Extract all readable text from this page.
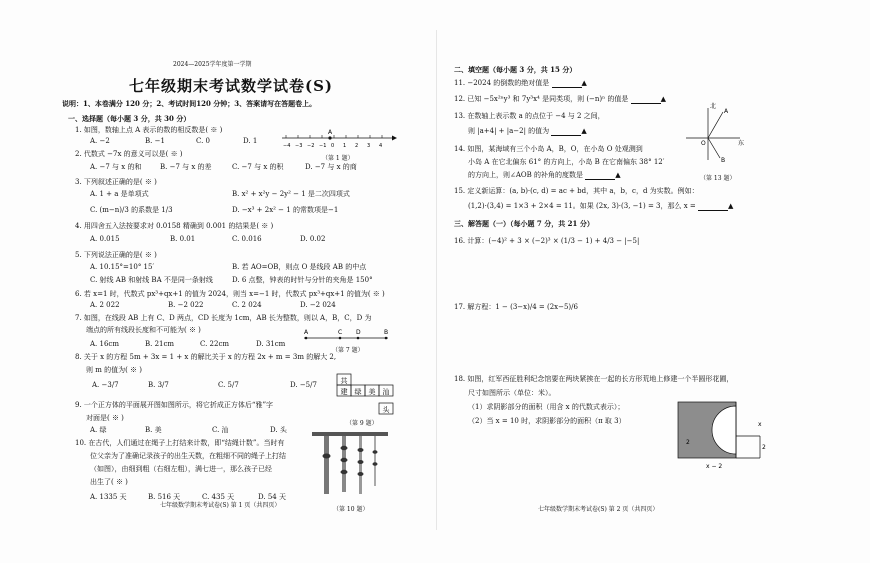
2024—2025学年度第一学期
七年级期末考试数学试卷(S)
说明：1、本卷满分 120 分；2、考试时间120 分钟；3、答案请写在答题卷上。
一、选择题（每小题 3 分，共 30 分）
1. 如图，数轴上点 A 表示的数的相反数是( ※ )
A. −2	B. −1	C. 0	D. 1
−4 −3 −2 −1 0 1 2 3 4
A
（第 1 题）
2. 代数式 −7x 的意义可以是( ※ )
A. −7 与 x 的和	B. −7 与 x 的差	C. −7 与 x 的积	D. −7 与 x 的商
3. 下列叙述正确的是( ※ )
A. 1 + a 是单项式	B. x² + x²y − 2y² − 1 是二次四项式
C. (m−n)/3 的系数是 1/3	D. −x³ + 2x² − 1 的常数项是−1
4. 用四舍五入法按要求对 0.0158 精确到 0.001 的结果是( ※ )
A. 0.015	B. 0.01	C. 0.016	D. 0.02
5. 下列说法正确的是( ※ )
A. 10.15°=10° 15′	B. 若 AO=OB，则点 O 是线段 AB 的中点
C. 射线 AB 和射线 BA 不是同一条射线	D. 6 点整，钟表的时针与分针的夹角是 150°
6. 若 x=1 时，代数式 px³+qx+1 的值为 2024，则当 x=−1 时，代数式 px³+qx+1 的值为( ※ )
A. 2 022	B. −2 022	C. 2 024	D. −2 024
7. 如图，在线段 AB 上有 C、D 两点，CD 长度为 1cm，AB 长为整数，则以 A，B，C，D 为
端点的所有线段长度和不可能为( ※ )	A	C D	B
（第 7 题）
A. 16cm	B. 21cm	C. 22cm	D. 31cm
8. 关于 x 的方程 5m + 3x = 1 + x 的解比关于 x 的方程 2x + m = 3m 的解大 2,
则 m 的值为( ※ )
A. −3/7	B. 3/7	C. 5/7	D. −5/7	共
建 绿 美 汕
头
（第 9 题）
9. 一个正方体的平面展开图如图所示，将它折成正方体后“雅”字
对面是( ※ )
A. 绿	B. 美	C. 汕	D. 头
10. 在古代，人们通过在绳子上打结来计数，即“结绳计数”。当时有
位父亲为了准确记录孩子的出生天数，在粗细不同的绳子上打结
（如图），由细到粗（右细左粗），满七进一，那么孩子已经
出生了( ※ )
A. 1335 天	B. 516 天	C. 435 天	D. 54 天
（第 10 题）
七年级数学期末考试卷(S) 第 1 页（共四页）
二、填空题（每小题 3 分，共 15 分）
11. −2024 的倒数的绝对值是	▲
12. 已知 −5x²ⁿy³ 和 7y³x⁴ 是同类项，则 (−n)ⁿ 的值是	▲
13. 在数轴上表示数 a 的点位于 −4 与 2 之间，
则 |a+4| + |a−2| 的值为	▲
北
东
A
O
B
（第 13 题）
14. 如图，某海域有三个小岛 A，B，O，在小岛 O 处观测到
小岛 A 在它北偏东 61° 的方向上，小岛 B 在它南偏东 38° 12′
的方向上，则∠AOB 的补角的度数是	▲
15. 定义新运算：(a, b)·(c, d) = ac + bd，其中 a，b，c，d 为实数。例如：
(1,2)·(3,4) = 1×3 + 2×4 = 11。如果 (2x, 3)·(3, −1) = 3，那么 x =	▲
三、解答题（一）（每小题 7 分，共 21 分）
16. 计算：(−4)² + 3 × (−2)³ × (1/3 − 1) + 4/3 − |−5|
17. 解方程：1 − (3−x)/4 = (2x−5)/6
18. 如图，红军西征胜利纪念馆要在两块紧挨在一起的长方形荒地上修建一个半圆形花圃，
尺寸如图所示（单位：米）。
（1）求阴影部分的面积（用含 x 的代数式表示）；
（2）当 x = 10 时，求阴影部分的面积（π 取 3）	x
2
2
x − 2
七年级数学期末考试卷(S) 第 2 页（共四页）
